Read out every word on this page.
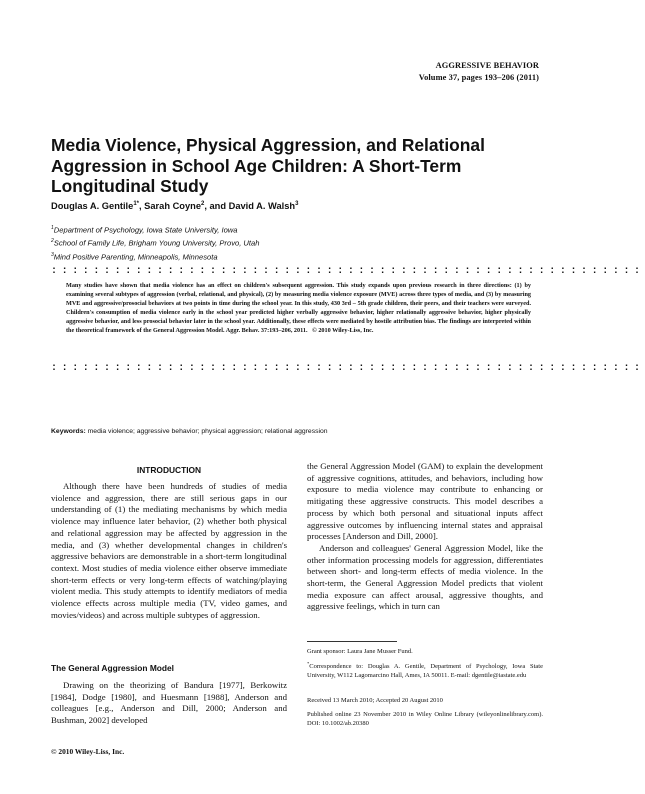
AGGRESSIVE BEHAVIOR
Volume 37, pages 193–206 (2011)
Media Violence, Physical Aggression, and Relational Aggression in School Age Children: A Short-Term Longitudinal Study
Douglas A. Gentile$^{1*}$, Sarah Coyne$^2$, and David A. Walsh$^3$
$^1$Department of Psychology, Iowa State University, Iowa
$^2$School of Family Life, Brigham Young University, Provo, Utah
$^3$Mind Positive Parenting, Minneapolis, Minnesota
::::::::::::::::::::::::::::::::::::::::::::::::::::::::
Many studies have shown that media violence has an effect on children's subsequent aggression. This study expands upon previous research in three directions: (1) by examining several subtypes of aggression (verbal, relational, and physical), (2) by measuring media violence exposure (MVE) across three types of media, and (3) by measuring MVE and aggressive/prosocial behaviors at two points in time during the school year. In this study, 430 3rd – 5th grade children, their peers, and their teachers were surveyed. Children's consumption of media violence early in the school year predicted higher verbally aggressive behavior, higher relationally aggressive behavior, higher physically aggressive behavior, and less prosocial behavior later in the school year. Additionally, these effects were mediated by hostile attribution bias. The findings are interpreted within the theoretical framework of the General Aggression Model. Aggr. Behav. 37:193–206, 2011. © 2010 Wiley-Liss, Inc.
::::::::::::::::::::::::::::::::::::::::::::::::::::::::
Keywords: media violence; aggressive behavior; physical aggression; relational aggression
INTRODUCTION

Although there have been hundreds of studies of media violence and aggression, there are still serious gaps in our understanding of (1) the mediating mechanisms by which media violence may influence later behavior, (2) whether both physical and relational aggression may be affected by aggression in the media, and (3) whether developmental changes in children's aggressive behaviors are demonstrable in a short-term longitudinal context. Most studies of media violence either observe immediate short-term effects or very long-term effects of watching/playing violent media. This study attempts to identify mediators of media violence effects across multiple media (TV, video games, and movies/videos) and across multiple subtypes of aggression.

The General Aggression Model

Drawing on the theorizing of Bandura [1977], Berkowitz [1984], Dodge [1980], and Huesmann [1988], Anderson and colleagues [e.g., Anderson and Dill, 2000; Anderson and Bushman, 2002] developed

the General Aggression Model (GAM) to explain the development of aggressive cognitions, attitudes, and behaviors, including how exposure to media violence may contribute to enhancing or mitigating these aggressive constructs. This model describes a process by which both personal and situational inputs affect aggressive outcomes by influencing internal states and appraisal processes [Anderson and Dill, 2000].

Anderson and colleagues' General Aggression Model, like the other information processing models for aggression, differentiates between short- and long-term effects of media violence. In the short-term, the General Aggression Model predicts that violent media exposure can affect arousal, aggressive thoughts, and aggressive feelings, which in turn can

Grant sponsor: Laura Jane Musser Fund.
*Correspondence to: Douglas A. Gentile, Department of Psychology, Iowa State University, W112 Lagomarcino Hall, Ames, IA 50011. E-mail: dgentile@iastate.edu
Received 13 March 2010; Accepted 20 August 2010
Published online 23 November 2010 in Wiley Online Library (wileyonlinelibrary.com). DOI: 10.1002/ab.20380
© 2010 Wiley-Liss, Inc.
